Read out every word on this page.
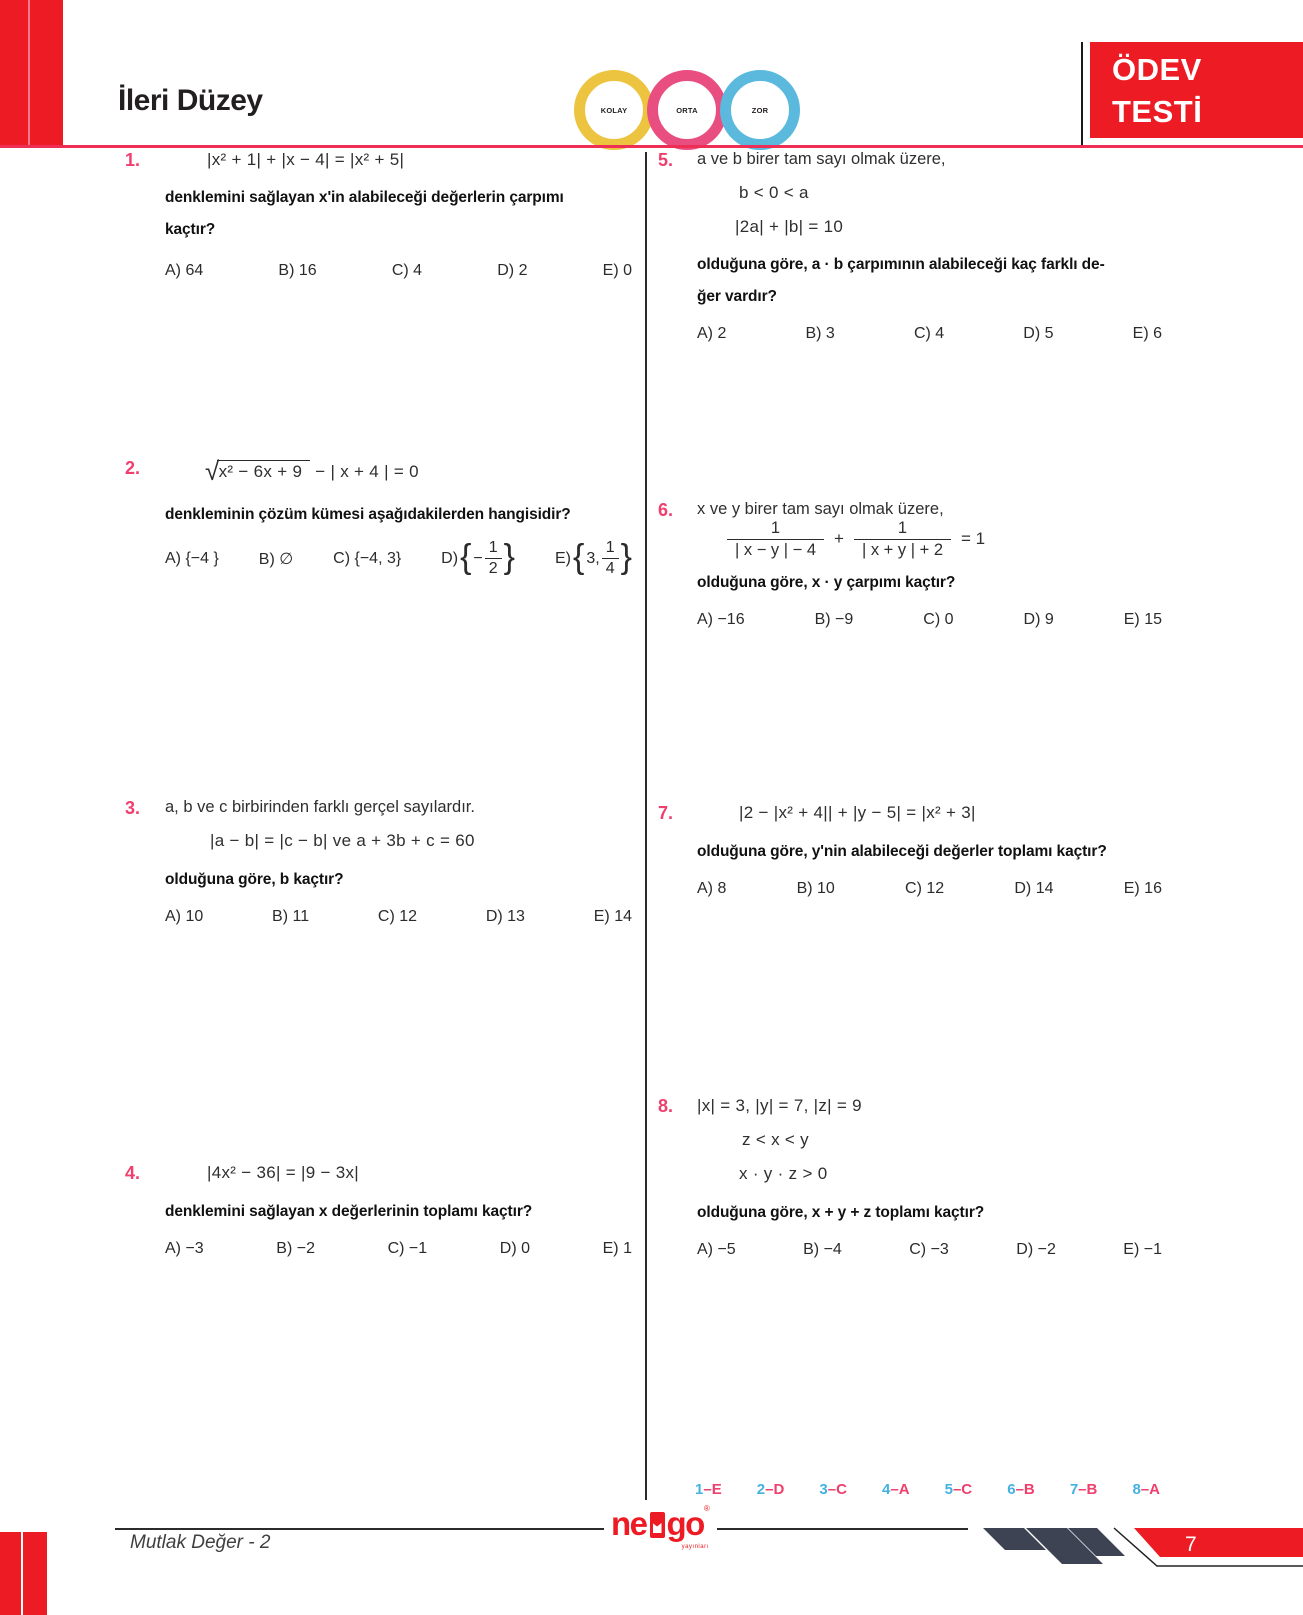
İleri Düzey	KOLAY	ORTA	ZOR
ÖDEV
TESTİ
1.	|x² + 1| + |x − 4| = |x² + 5|
denklemini sağlayan x'in alabileceği değerlerin çarpımı
kaçtır?
A) 64	B) 16	C) 4	D) 2	E) 0
2.	√x² − 6x + 9 − | x + 4 | = 0
denkleminin çözüm kümesi aşağıdakilerden hangisidir?
A) {−4 } B) ∅ C) {−4, 3} D) { − $\frac{1}{2}$ } E) { 3, $\frac{1}{4}$ }
3.	a, b ve c birbirinden farklı gerçel sayılardır.
|a − b| = |c − b| ve a + 3b + c = 60
olduğuna göre, b kaçtır?
A) 10	B) 11	C) 12	D) 13	E) 14
4.	|4x² − 36| = |9 − 3x|
denklemini sağlayan x değerlerinin toplamı kaçtır?
A) −3	B) −2	C) −1	D) 0	E) 1
5.	a ve b birer tam sayı olmak üzere,
b < 0 < a
|2a| + |b| = 10
olduğuna göre, a · b çarpımının alabileceği kaç farklı de-
ğer vardır?
A) 2	B) 3	C) 4	D) 5	E) 6
6.	x ve y birer tam sayı olmak üzere,
$\frac{1}{| x - y | - 4} + \frac{1}{| x + y | + 2} = 1$
olduğuna göre, x · y çarpımı kaçtır?
A) −16	B) −9	C) 0	D) 9	E) 15
7.	|2 − |x² + 4|| + |y − 5| = |x² + 3|
olduğuna göre, y'nin alabileceği değerler toplamı kaçtır?
A) 8	B) 10	C) 12	D) 14	E) 16
8.	|x| = 3, |y| = 7, |z| = 9
z < x < y
x · y · z > 0
olduğuna göre, x + y + z toplamı kaçtır?
A) −5	B) −4	C) −3	D) −2	E) −1
1–E 2–D 3–C 4–A 5–C 6–B 7–B 8–A
Mutlak Değer - 2
ne go ®
yayınları	7
